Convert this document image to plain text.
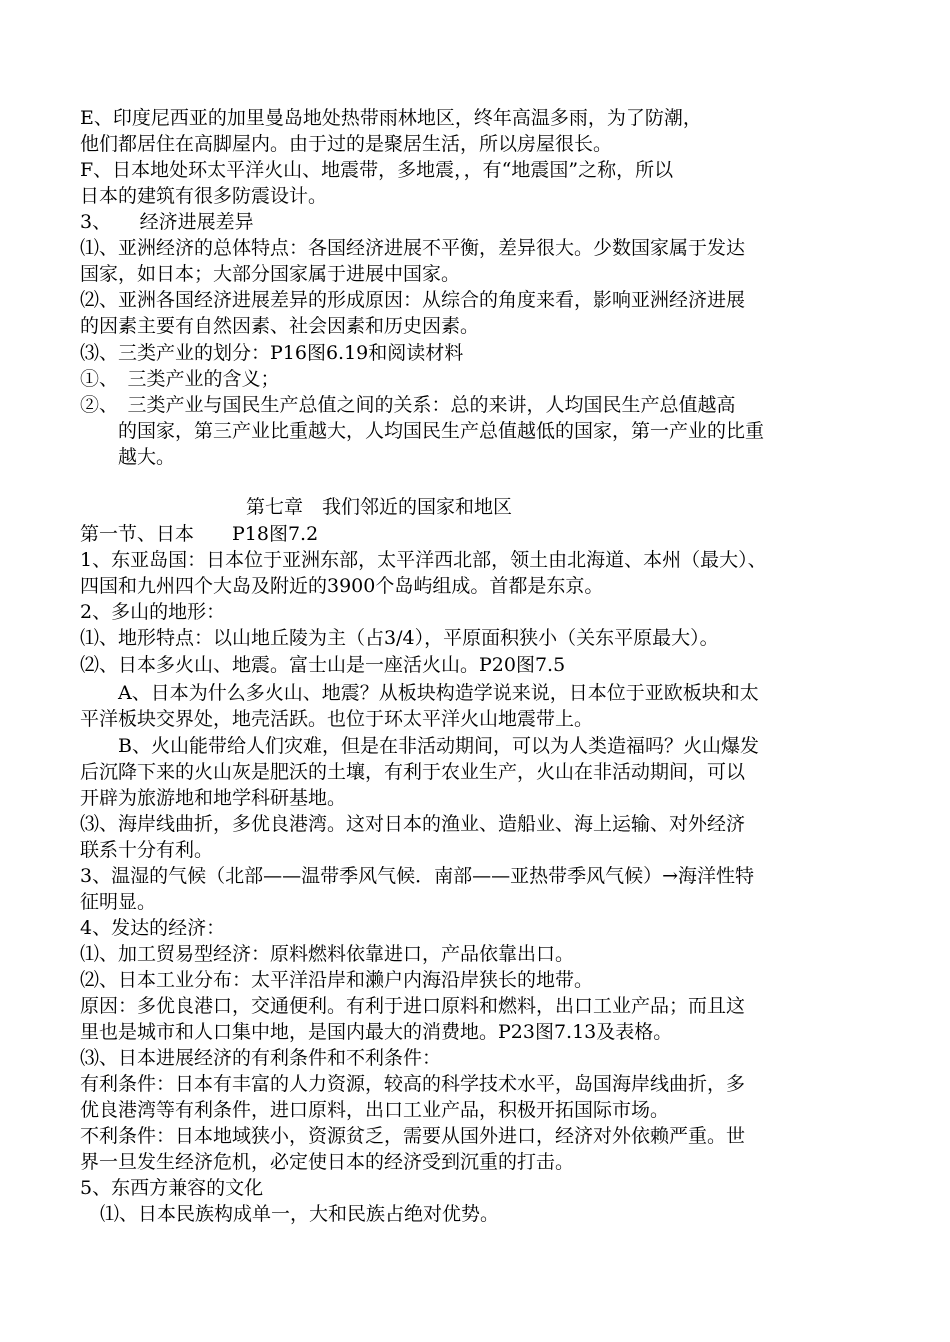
E、印度尼西亚的加里曼岛地处热带雨林地区，终年高温多雨，为了防潮，
他们都居住在高脚屋内。由于过的是聚居生活，所以房屋很长。
F、日本地处环太平洋火山、地震带，多地震，，有“地震国”之称，所以
日本的建筑有很多防震设计。
3、　　经济进展差异
⑴、亚洲经济的总体特点：各国经济进展不平衡，差异很大。少数国家属于发达
国家，如日本；大部分国家属于进展中国家。
⑵、亚洲各国经济进展差异的形成原因：从综合的角度来看，影响亚洲经济进展
的因素主要有自然因素、社会因素和历史因素。
⑶、三类产业的划分：P16图6.19和阅读材料
①、　三类产业的含义；
②、　三类产业与国民生产总值之间的关系：总的来讲，人均国民生产总值越高
的国家，第三产业比重越大，人均国民生产总值越低的国家，第一产业的比重
越大。
第七章　我们邻近的国家和地区
第一节、日本　　P18图7.2
1、东亚岛国：日本位于亚洲东部，太平洋西北部，领土由北海道、本州（最大）、
四国和九州四个大岛及附近的3900个岛屿组成。首都是东京。
2、多山的地形：
⑴、地形特点：以山地丘陵为主（占3/4），平原面积狭小（关东平原最大）。
⑵、日本多火山、地震。富士山是一座活火山。P20图7.5
A、日本为什么多火山、地震？从板块构造学说来说，日本位于亚欧板块和太
平洋板块交界处，地壳活跃。也位于环太平洋火山地震带上。
B、火山能带给人们灾难，但是在非活动期间，可以为人类造福吗？火山爆发
后沉降下来的火山灰是肥沃的土壤，有利于农业生产，火山在非活动期间，可以
开辟为旅游地和地学科研基地。
⑶、海岸线曲折，多优良港湾。这对日本的渔业、造船业、海上运输、对外经济
联系十分有利。
3、温湿的气候（北部——温带季风气候．南部——亚热带季风气候）→海洋性特
征明显。
4、发达的经济：
⑴、加工贸易型经济：原料燃料依靠进口，产品依靠出口。
⑵、日本工业分布：太平洋沿岸和濑户内海沿岸狭长的地带。
原因：多优良港口，交通便利。有利于进口原料和燃料，出口工业产品；而且这
里也是城市和人口集中地，是国内最大的消费地。P23图7.13及表格。
⑶、日本进展经济的有利条件和不利条件：
有利条件：日本有丰富的人力资源，较高的科学技术水平，岛国海岸线曲折，多
优良港湾等有利条件，进口原料，出口工业产品，积极开拓国际市场。
不利条件：日本地域狭小，资源贫乏，需要从国外进口，经济对外依赖严重。世
界一旦发生经济危机，必定使日本的经济受到沉重的打击。
5、东西方兼容的文化
⑴、日本民族构成单一，大和民族占绝对优势。
